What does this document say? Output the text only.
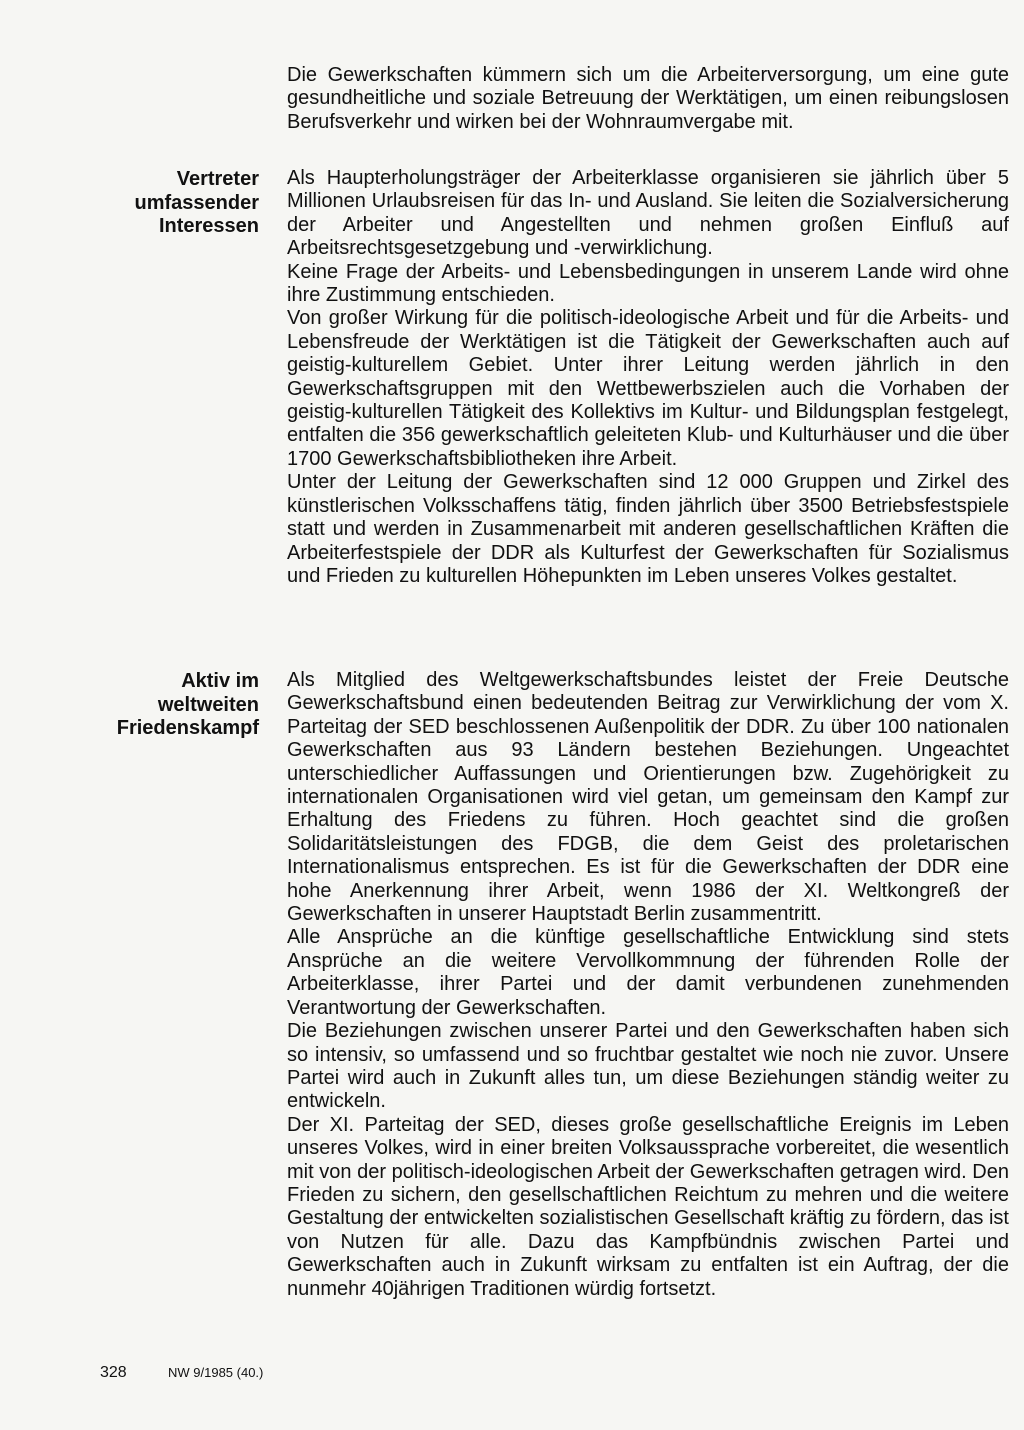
Die Gewerkschaften kümmern sich um die Arbeiterversorgung, um eine gute gesundheitliche und soziale Betreuung der Werktätigen, um einen reibungslosen Berufsverkehr und wirken bei der Wohnraumvergabe mit.

Vertreter
umfassender
Interessen

Als Haupterholungsträger der Arbeiterklasse organisieren sie jährlich über 5 Millionen Urlaubsreisen für das In- und Ausland. Sie leiten die Sozialversicherung der Arbeiter und Angestellten und nehmen großen Einfluß auf Arbeitsrechtsgesetzgebung und -verwirklichung.

Keine Frage der Arbeits- und Lebensbedingungen in unserem Lande wird ohne ihre Zustimmung entschieden.

Von großer Wirkung für die politisch-ideologische Arbeit und für die Arbeits- und Lebensfreude der Werktätigen ist die Tätigkeit der Gewerkschaften auch auf geistig-kulturellem Gebiet. Unter ihrer Leitung werden jährlich in den Gewerkschaftsgruppen mit den Wettbewerbszielen auch die Vorhaben der geistig-kulturellen Tätigkeit des Kollektivs im Kultur- und Bildungsplan festgelegt, entfalten die 356 gewerkschaftlich geleiteten Klub- und Kulturhäuser und die über 1700 Gewerkschaftsbibliotheken ihre Arbeit.

Unter der Leitung der Gewerkschaften sind 12 000 Gruppen und Zirkel des künstlerischen Volksschaffens tätig, finden jährlich über 3500 Betriebsfestspiele statt und werden in Zusammenarbeit mit anderen gesellschaftlichen Kräften die Arbeiterfestspiele der DDR als Kulturfest der Gewerkschaften für Sozialismus und Frieden zu kulturellen Höhepunkten im Leben unseres Volkes gestaltet.

Aktiv im
weltweiten
Friedenskampf

Als Mitglied des Weltgewerkschaftsbundes leistet der Freie Deutsche Gewerkschaftsbund einen bedeutenden Beitrag zur Verwirklichung der vom X. Parteitag der SED beschlossenen Außenpolitik der DDR. Zu über 100 nationalen Gewerkschaften aus 93 Ländern bestehen Beziehungen. Ungeachtet unterschiedlicher Auffassungen und Orientierungen bzw. Zugehörigkeit zu internationalen Organisationen wird viel getan, um gemeinsam den Kampf zur Erhaltung des Friedens zu führen. Hoch geachtet sind die großen Solidaritätsleistungen des FDGB, die dem Geist des proletarischen Internationalismus entsprechen. Es ist für die Gewerkschaften der DDR eine hohe Anerkennung ihrer Arbeit, wenn 1986 der XI. Weltkongreß der Gewerkschaften in unserer Hauptstadt Berlin zusammentritt.

Alle Ansprüche an die künftige gesellschaftliche Entwicklung sind stets Ansprüche an die weitere Vervollkommnung der führenden Rolle der Arbeiterklasse, ihrer Partei und der damit verbundenen zunehmenden Verantwortung der Gewerkschaften.

Die Beziehungen zwischen unserer Partei und den Gewerkschaften haben sich so intensiv, so umfassend und so fruchtbar gestaltet wie noch nie zuvor. Unsere Partei wird auch in Zukunft alles tun, um diese Beziehungen ständig weiter zu entwickeln.

Der XI. Parteitag der SED, dieses große gesellschaftliche Ereignis im Leben unseres Volkes, wird in einer breiten Volksaussprache vorbereitet, die wesentlich mit von der politisch-ideologischen Arbeit der Gewerkschaften getragen wird. Den Frieden zu sichern, den gesellschaftlichen Reichtum zu mehren und die weitere Gestaltung der entwickelten sozialistischen Gesellschaft kräftig zu fördern, das ist von Nutzen für alle. Dazu das Kampfbündnis zwischen Partei und Gewerkschaften auch in Zukunft wirksam zu entfalten ist ein Auftrag, der die nunmehr 40jährigen Traditionen würdig fortsetzt.

328	NW 9/1985 (40.)
